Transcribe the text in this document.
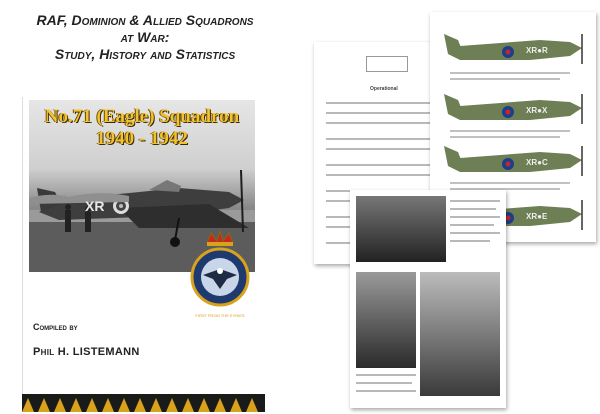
RAF, Dominion & Allied Squadrons
at War:
Study, History and Statistics
No.71 (Eagle) Squadron
1940 - 1942
XR
FIRST FROM THE EYRIES
Compiled by
Phil H. LISTEMANN
Operational
XR●R
XR●X
XR●C
XR●E
